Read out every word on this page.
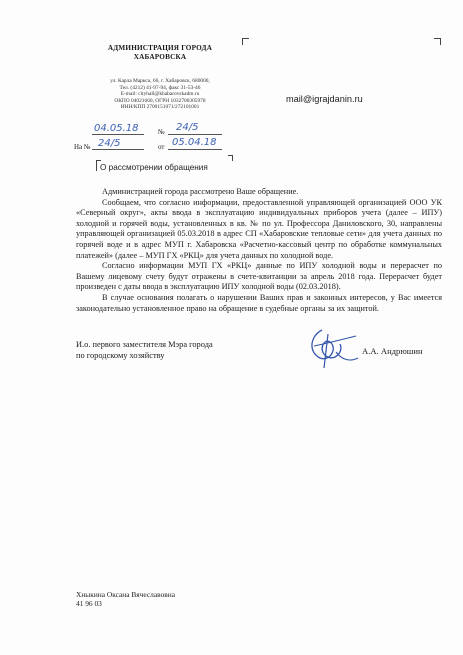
АДМИНИСТРАЦИЯ ГОРОДА
ХАБАРОВСКА
ул. Карла Маркса, 66, г. Хабаровск, 680000,
Тел. (4212) 41-97-94, факс 31-53-46
E-mail: cityhall@khabarovskadm.ru
ОКПО 04021660, ОГРН 1032700305978
ИНН/КПП 2700151071/272101001
mail@igrajdanin.ru
04.05.18	№ 24/5
На № 24/5	от 05.04.18
О рассмотрении обращения

Администрацией города рассмотрено Ваше обращение.

Сообщаем, что согласно информации, предоставленной управляющей организацией ООО УК «Северный округ», акты ввода в эксплуатацию индивидуальных приборов учета (далее – ИПУ) холодной и горячей воды, установленных в кв. № по ул. Профессора Даниловского, 30, направлены управляющей организацией 05.03.2018 в адрес СП «Хабаровские тепловые сети» для учета данных по горячей воде и в адрес МУП г. Хабаровска «Расчетно-кассовый центр по обработке коммунальных платежей» (далее – МУП ГХ «РКЦ» для учета данных по холодной воде.

Согласно информации МУП ГХ «РКЦ» данные по ИПУ холодной воды и перерасчет по Вашему лицевому счету будут отражены в счете-квитанции за апрель 2018 года. Перерасчет будет произведен с даты ввода в эксплуатацию ИПУ холодной воды (02.03.2018).

В случае основания полагать о нарушении Ваших прав и законных интересов, у Вас имеется законодательно установленное право на обращение в судебные органы за их защитой.

И.о. первого заместителя Мэра города
по городскому хозяйству	А.А. Андрюшин
Хныкина Оксана Вячеславовна
41 96 03
